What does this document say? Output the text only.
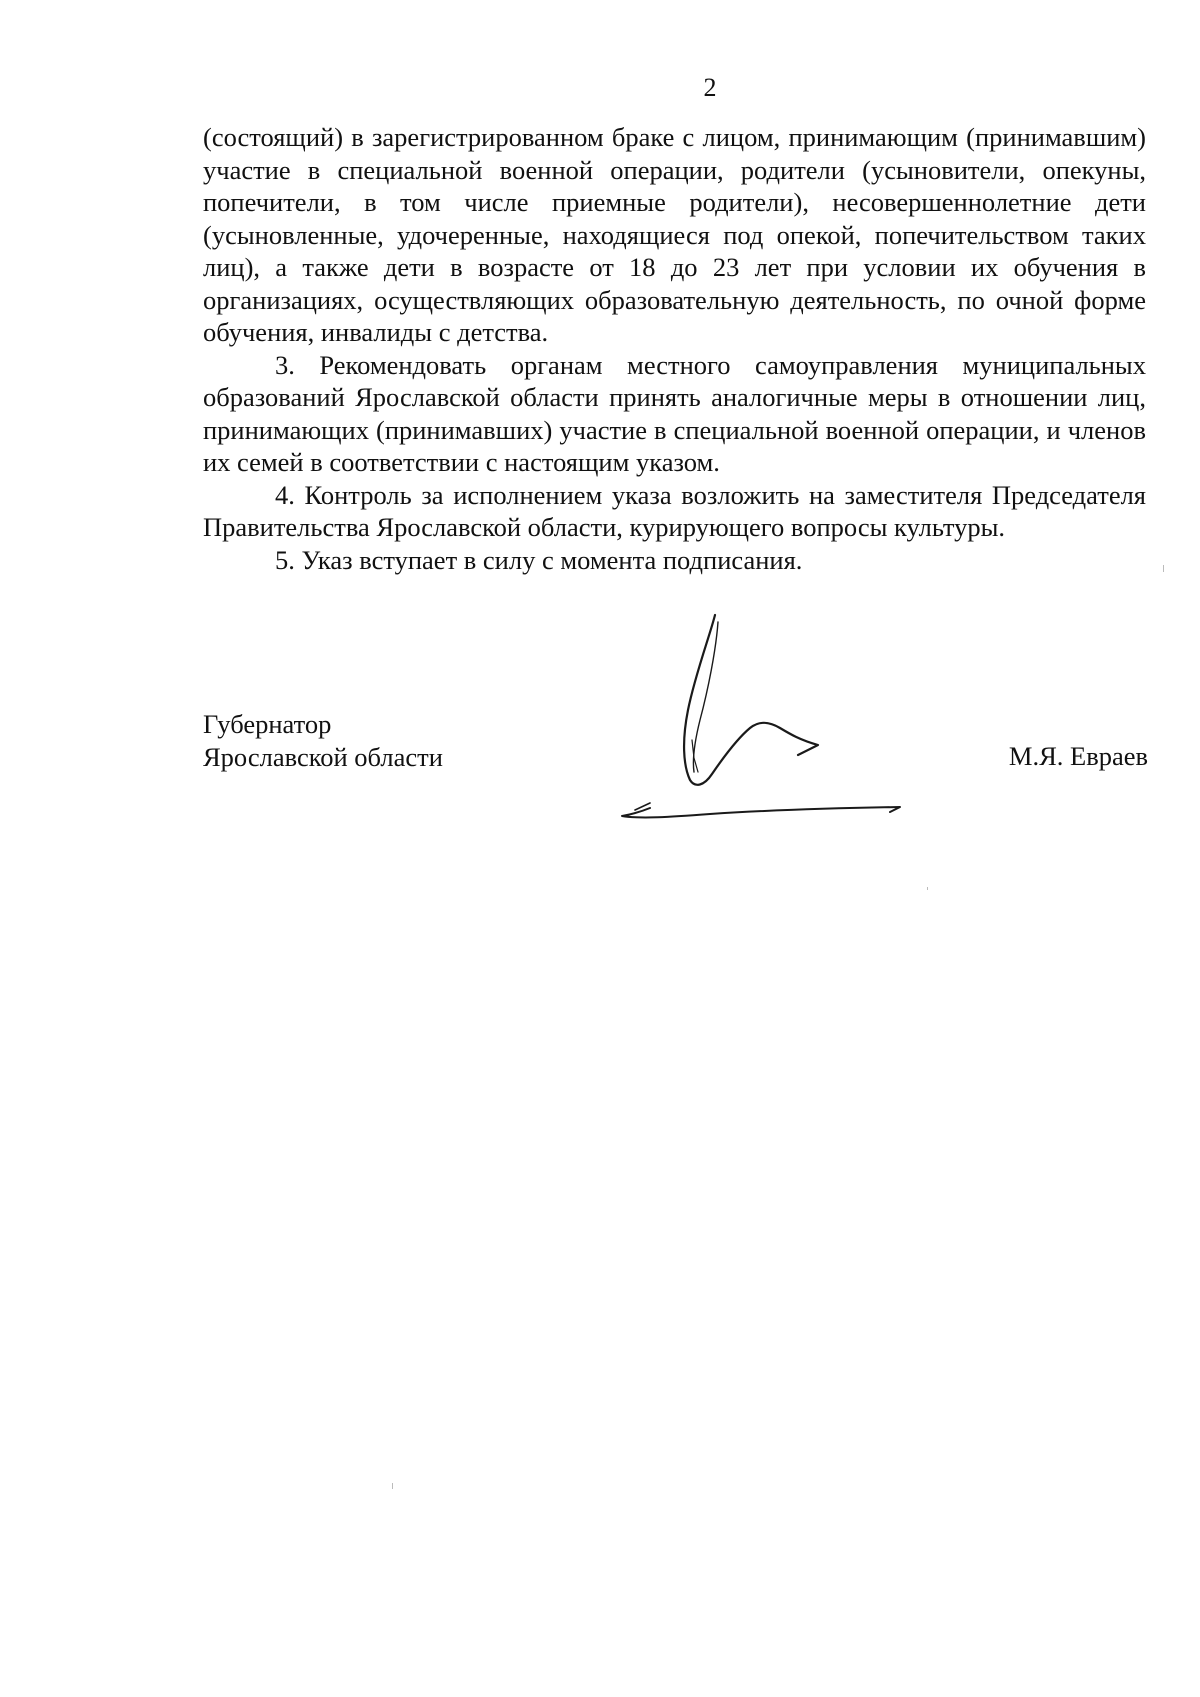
2

(состоящий) в зарегистрированном браке с лицом, принимающим (принимавшим) участие в специальной военной операции, родители (усыновители, опекуны, попечители, в том числе приемные родители), несовершеннолетние дети (усыновленные, удочеренные, находящиеся под опекой, попечительством таких лиц), а также дети в возрасте от 18 до 23 лет при условии их обучения в организациях, осуществляющих образовательную деятельность, по очной форме обучения, инвалиды с детства.

3. Рекомендовать органам местного самоуправления муниципальных образований Ярославской области принять аналогичные меры в отношении лиц, принимающих (принимавших) участие в специальной военной операции, и членов их семей в соответствии с настоящим указом.

4. Контроль за исполнением указа возложить на заместителя Председателя Правительства Ярославской области, курирующего вопросы культуры.

5. Указ вступает в силу с момента подписания.

Губернатор
Ярославской области	М.Я. Евраев
